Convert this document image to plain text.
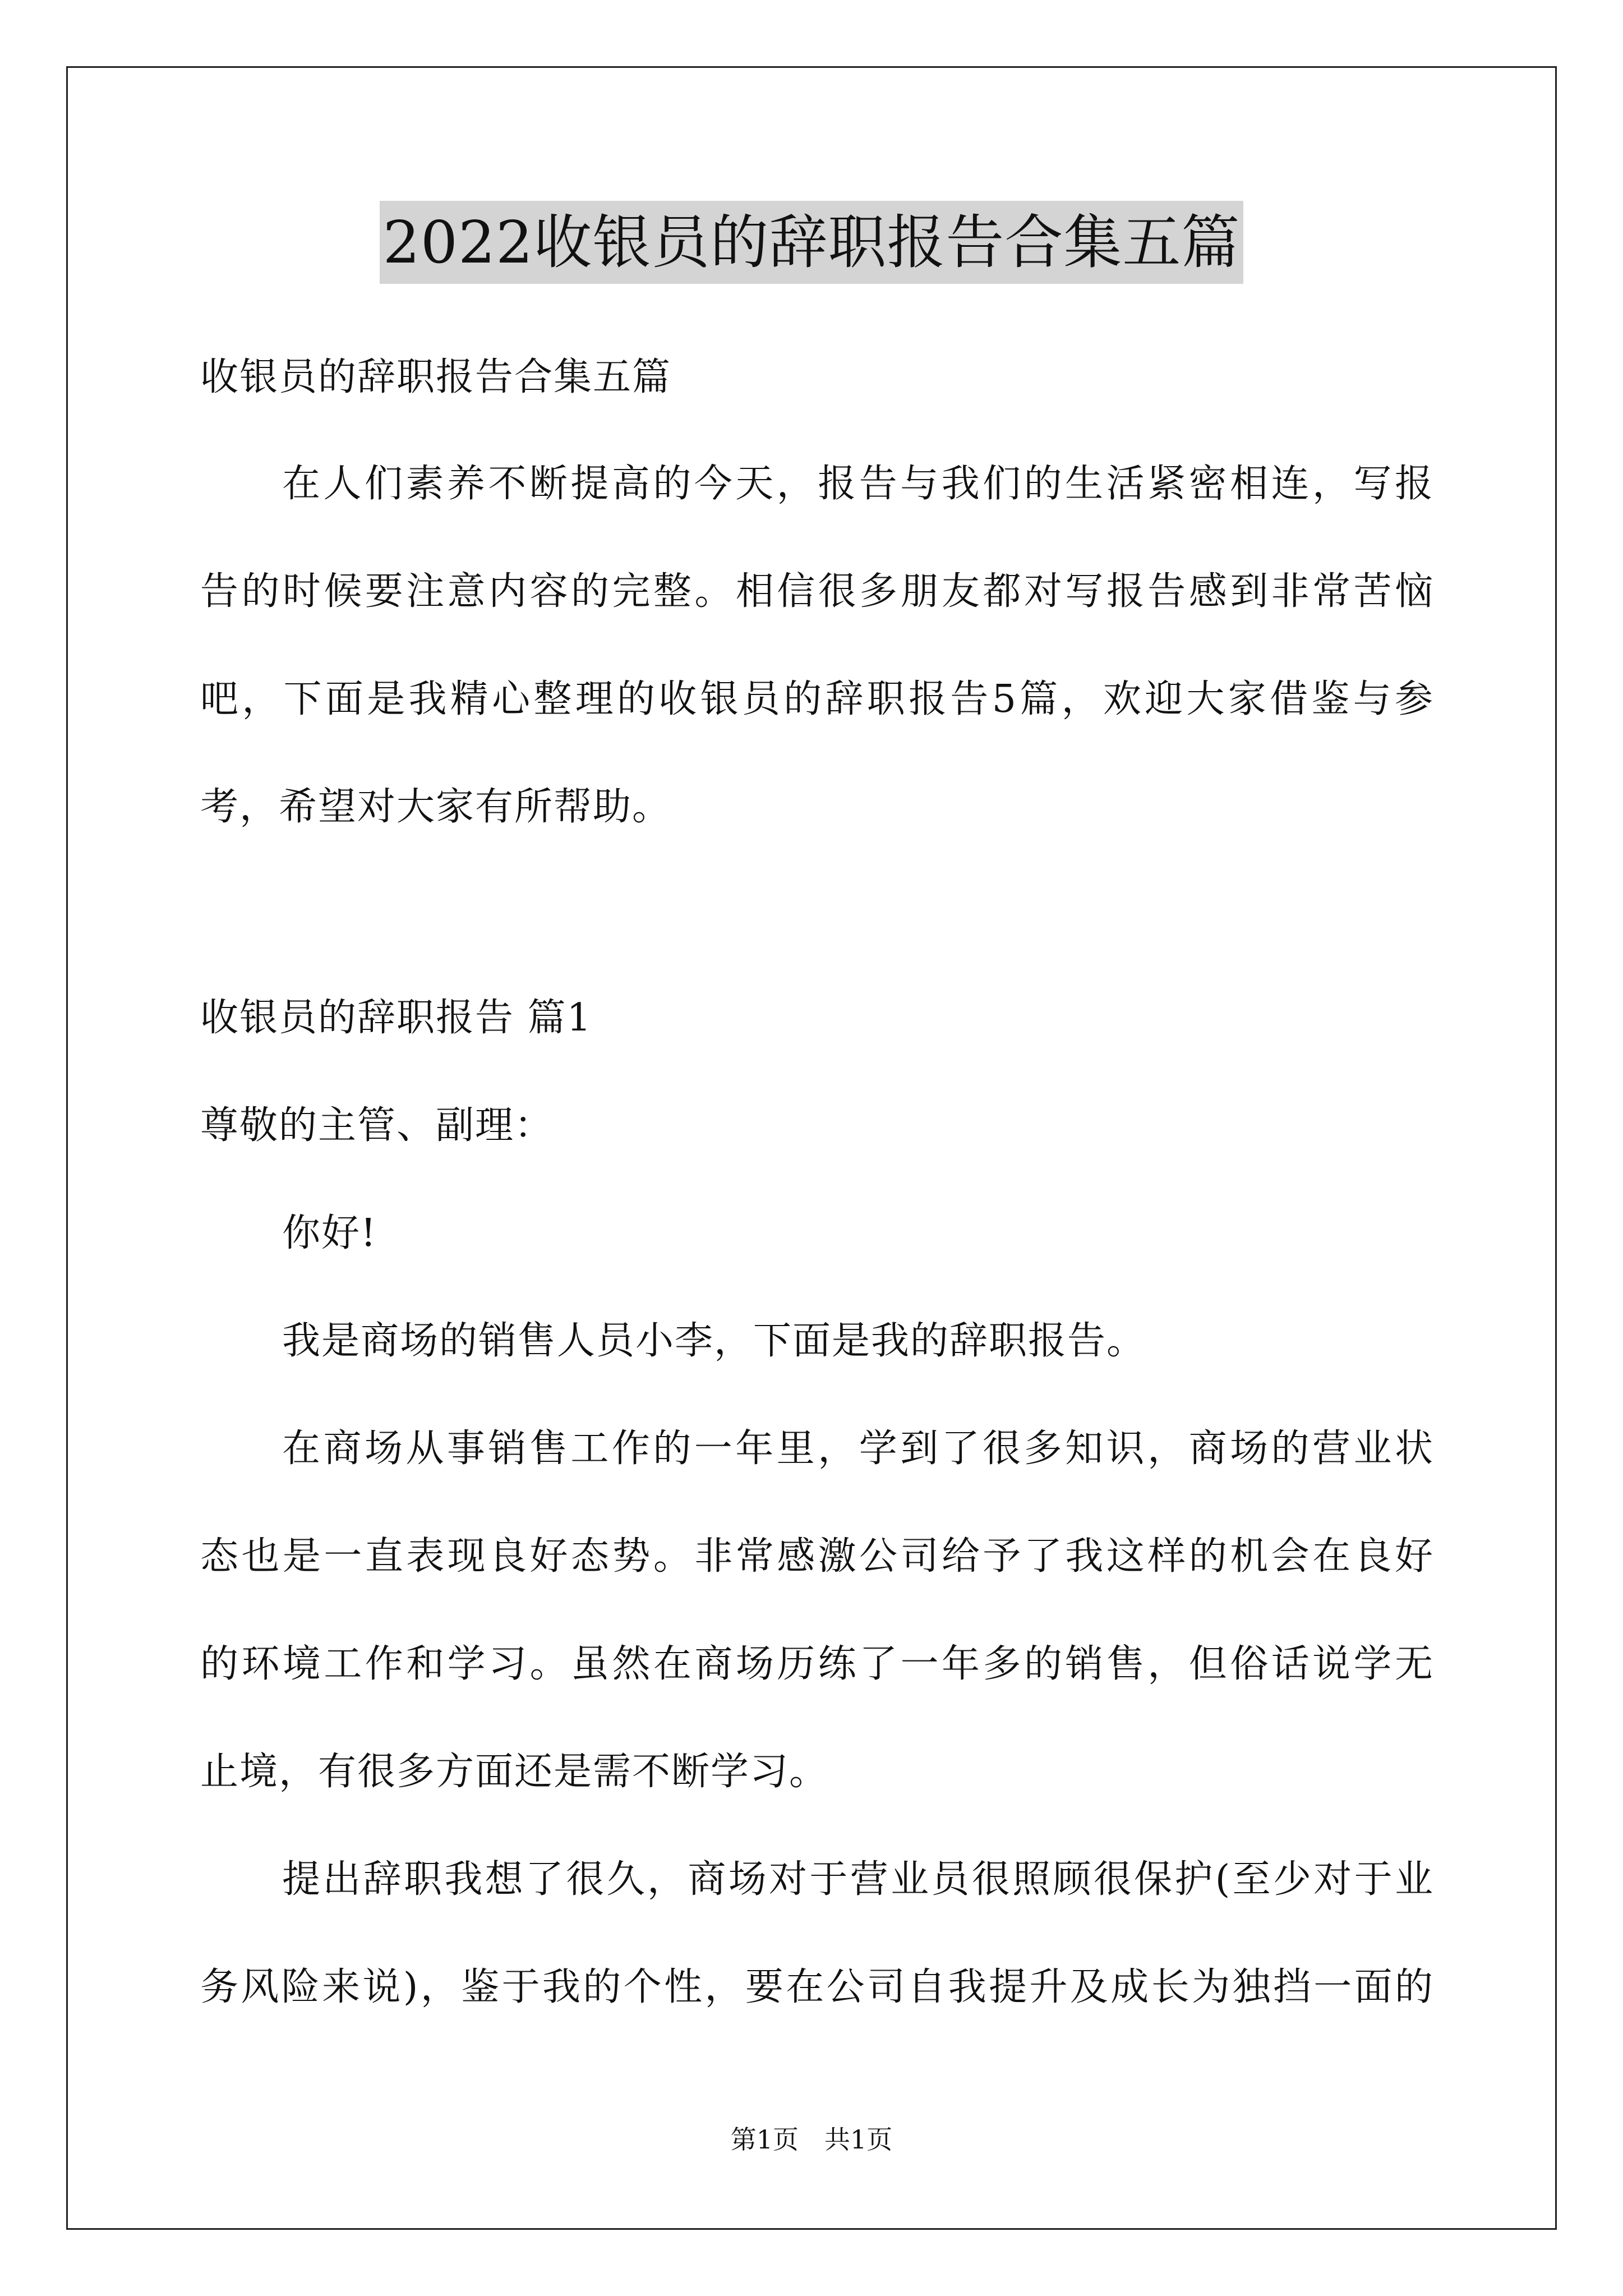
2022收银员的辞职报告合集五篇
收银员的辞职报告合集五篇
在人们素养不断提高的今天，报告与我们的生活紧密相连，写报
告的时候要注意内容的完整。相信很多朋友都对写报告感到非常苦恼
吧，下面是我精心整理的收银员的辞职报告5篇，欢迎大家借鉴与参
考，希望对大家有所帮助。
收银员的辞职报告 篇1
尊敬的主管、副理：
你好!
我是商场的销售人员小李，下面是我的辞职报告。
在商场从事销售工作的一年里，学到了很多知识，商场的营业状
态也是一直表现良好态势。非常感激公司给予了我这样的机会在良好
的环境工作和学习。虽然在商场历练了一年多的销售，但俗话说学无
止境，有很多方面还是需不断学习。
提出辞职我想了很久，商场对于营业员很照顾很保护(至少对于业
务风险来说)，鉴于我的个性，要在公司自我提升及成长为独挡一面的
第1页　共1页
